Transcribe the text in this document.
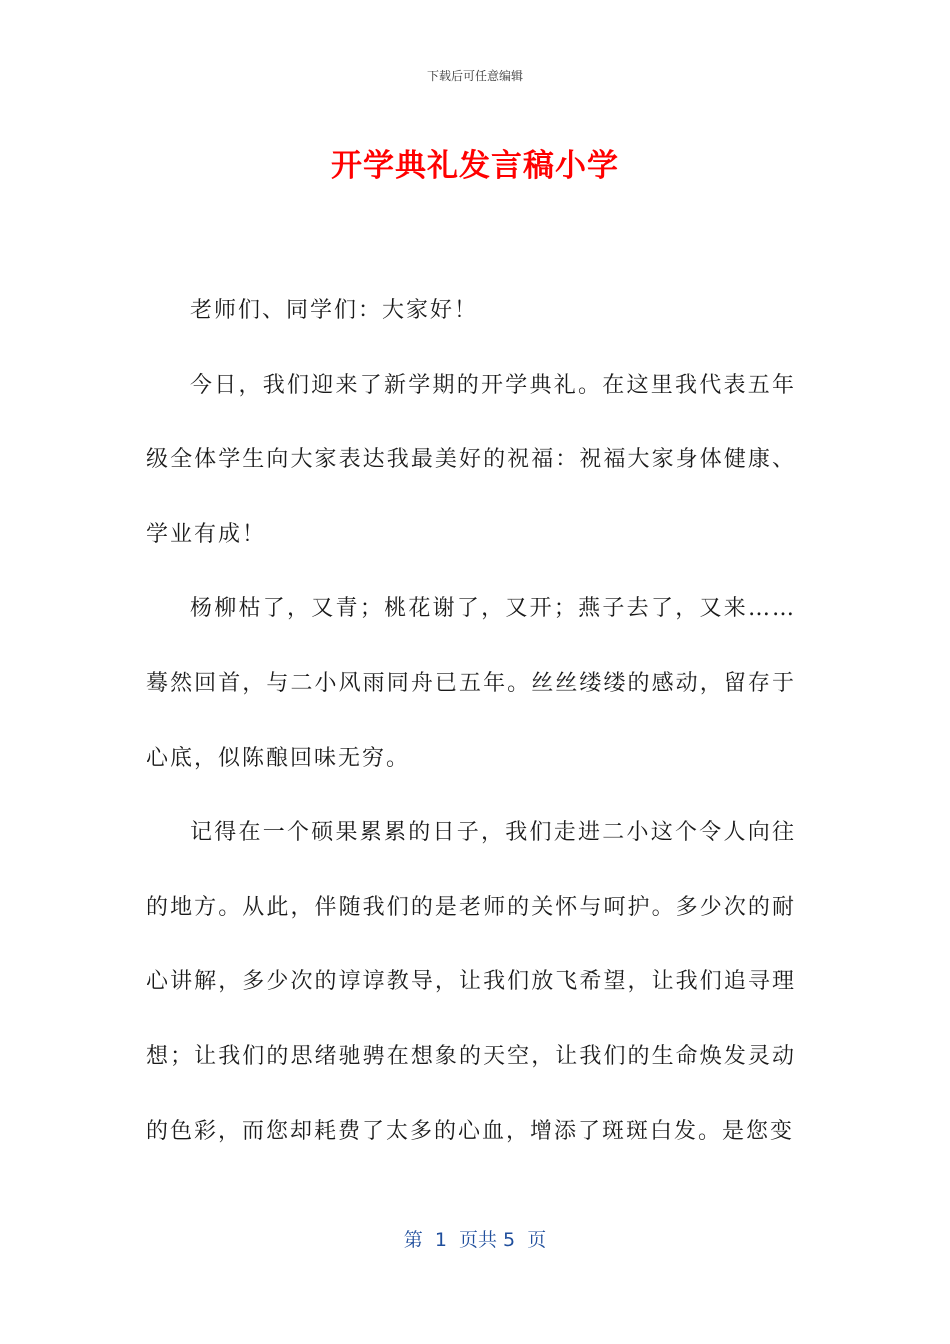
下载后可任意编辑
开学典礼发言稿小学

老师们、同学们：大家好！

今日，我们迎来了新学期的开学典礼。在这里我代表五年级全体学生向大家表达我最美好的祝福：祝福大家身体健康、学业有成！

杨柳枯了，又青；桃花谢了，又开；燕子去了，又来……蓦然回首，与二小风雨同舟已五年。丝丝缕缕的感动，留存于心底，似陈酿回味无穷。

记得在一个硕果累累的日子，我们走进二小这个令人向往的地方。从此，伴随我们的是老师的关怀与呵护。多少次的耐心讲解，多少次的谆谆教导，让我们放飞希望，让我们追寻理想；让我们的思绪驰骋在想象的天空，让我们的生命焕发灵动的色彩，而您却耗费了太多的心血，增添了斑斑白发。是您变

第  1  页共 5  页
